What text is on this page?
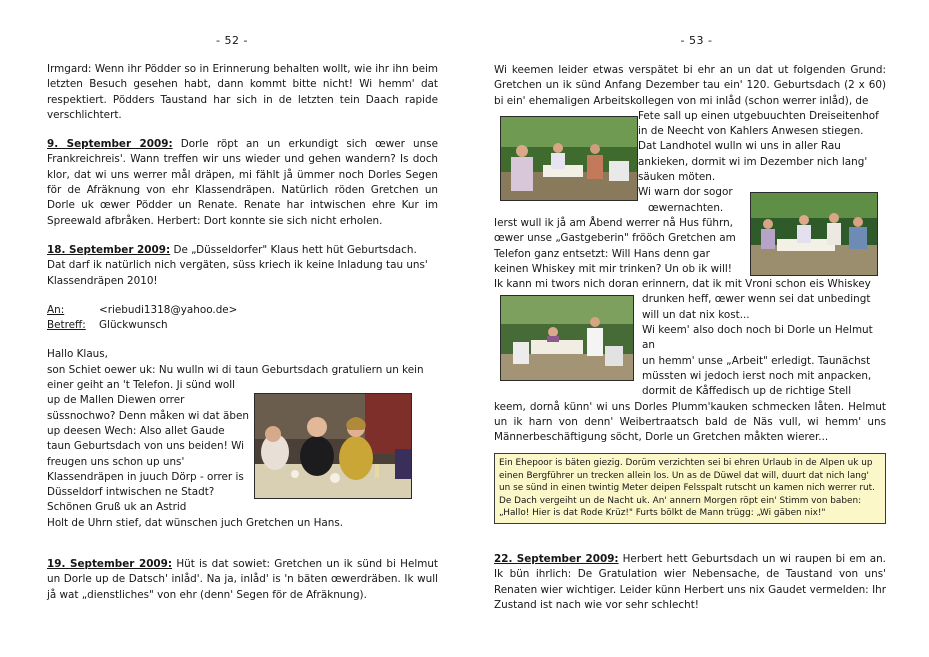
- 52 -

Irmgard: Wenn ihr Pödder so in Erinnerung behalten wollt, wie ihr ihn beim letzten Besuch gesehen habt, dann kommt bitte nicht! Wi hemm' dat respektiert. Pödders Taustand har sich in de letzten tein Daach rapide verschlichtert.

9. September 2009: Dorle röpt an un erkundigt sich œwer unse Frankreichreis'. Wann treffen wir uns wieder und gehen wandern? Is doch klor, dat wi uns werrer mål dräpen, mi fählt jå ümmer noch Dorles Segen för de Afräknung von ehr Klassendräpen. Natürlich röden Gretchen un Dorle uk œwer Pödder un Renate. Renate har intwischen ehre Kur im Spreewald afbråken. Herbert: Dort konnte sie sich nicht erholen.

18. September 2009: De „Düsseldorfer" Klaus hett hüt Geburtsdach. Dat darf ik natürlich nich vergäten, süss kriech ik keine Inladung tau uns' Klassendräpen 2010!

An:	<riebudi1318@yahoo.de>
Betreff: Glückwunsch

Hallo Klaus,

son Schiet oewer uk: Nu wulln wi di taun Geburtsdach gratuliern un kein

einer geiht an 't Telefon. Ji sünd woll

up de Mallen Diewen orrer

süssnochwo? Denn måken wi dat äben

up deesen Wech: Also allet Gaude

taun Geburtsdach von uns beiden! Wi

freugen uns schon up uns'

Klassendräpen in juuch Dörp - orrer is

Düsseldorf intwischen ne Stadt?

Schönen Gruß uk an Astrid

Holt de Uhrn stief, dat wünschen juch Gretchen un Hans.

19. September 2009: Hüt is dat sowiet: Gretchen un ik sünd bi Helmut un Dorle up de Datsch' inlåd'. Na ja, inlåd' is 'n bäten œwerdräben. Ik wull jå wat „dienstliches" von ehr (denn' Segen för de Afräknung).

- 53 -

Wi keemen leider etwas verspätet bi ehr an un dat ut folgenden Grund: Gretchen un ik sünd Anfang Dezember tau ein' 120. Geburtsdach (2 x 60) bi ein' ehemaligen Arbeitskollegen von mi inlåd (schon werrer inlåd), de

Fete sall up einen utgebuuchten Dreiseitenhof

in de Neecht von Kahlers Anwesen stiegen.

Dat Landhotel wulln wi uns in aller Rau

ankieken, dormit wi im Dezember nich lang'

säuken möten.

Wi warn dor sogor

œwernachten.

Ierst wull ik jå am Åbend werrer nå Hus führn,

œwer unse „Gastgeberin" frööch Gretchen am

Telefon ganz entsetzt: Will Hans denn gar

keinen Whiskey mit mir trinken? Un ob ik will!

Ik kann mi twors nich doran erinnern, dat ik mit Vroni schon eis Whiskey

drunken heff, œwer wenn sei dat unbedingt

will un dat nix kost...

Wi keem' also doch noch bi Dorle un Helmut an

un hemm' unse „Arbeit" erledigt. Taunächst

müssten wi jedoch ierst noch mit anpacken,

dormit de Kåffedisch up de richtige Stell

keem, dornå künn' wi uns Dorles Plumm'kauken schmecken låten. Helmut un ik harn von denn' Weibertraatsch bald de Näs vull, wi hemm' uns Männerbeschäftigung söcht, Dorle un Gretchen måkten wierer...

Ein Ehepoor is bäten giezig. Dorüm verzichten sei bi ehren Urlaub in de Alpen uk up einen Bergführer un trecken allein los. Un as de Düwel dat will, duurt dat nich lang' un se sünd in einen twintig Meter deipen Felsspalt rutscht un kamen nich werrer rut. De Dach vergeiht un de Nacht uk. An' annern Morgen röpt ein' Stimm von baben: „Hallo! Hier is dat Rode Krüz!" Furts bölkt de Mann trügg: „Wi gäben nix!"

22. September 2009: Herbert hett Geburtsdach un wi raupen bi em an. Ik bün ihrlich: De Gratulation wier Nebensache, de Taustand von uns' Renaten wier wichtiger. Leider künn Herbert uns nix Gaudet vermelden: Ihr Zustand ist nach wie vor sehr schlecht!
